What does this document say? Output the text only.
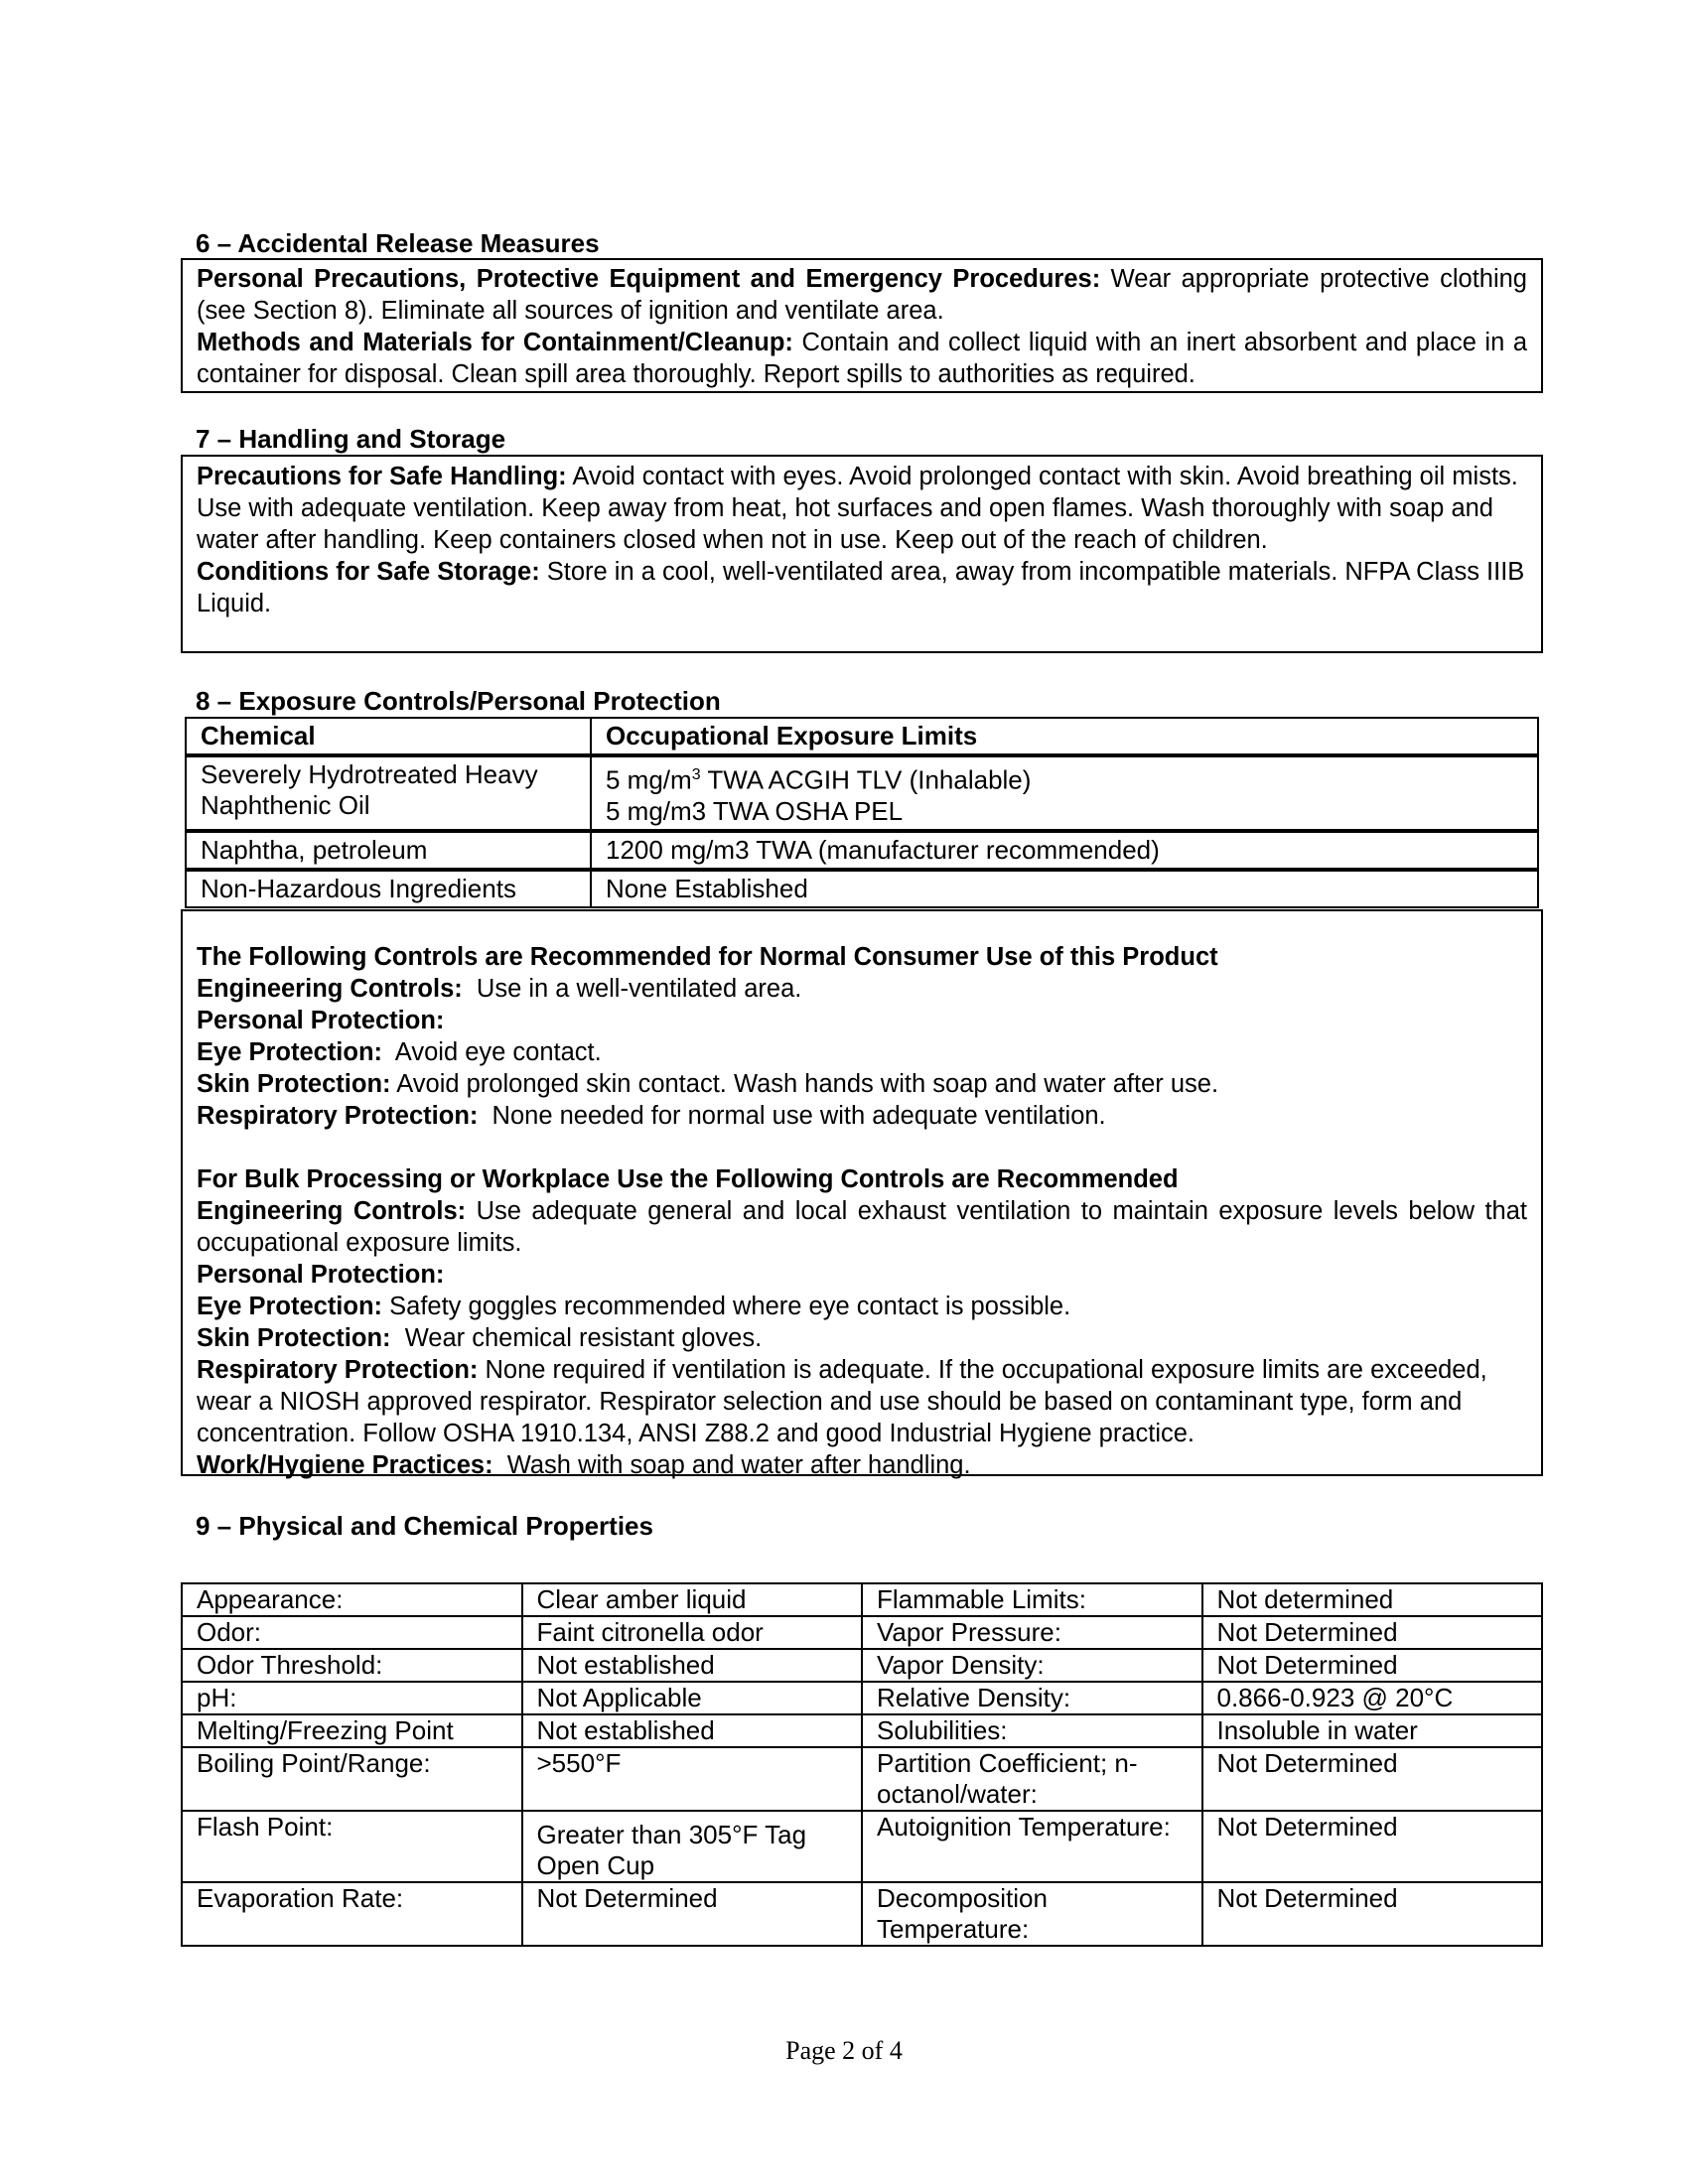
6 – Accidental Release Measures

Personal Precautions, Protective Equipment and Emergency Procedures: Wear appropriate protective clothing (see Section 8). Eliminate all sources of ignition and ventilate area.

Methods and Materials for Containment/Cleanup: Contain and collect liquid with an inert absorbent and place in a container for disposal. Clean spill area thoroughly. Report spills to authorities as required.

7 – Handling and Storage

Precautions for Safe Handling: Avoid contact with eyes. Avoid prolonged contact with skin. Avoid breathing oil mists. Use with adequate ventilation. Keep away from heat, hot surfaces and open flames. Wash thoroughly with soap and water after handling. Keep containers closed when not in use. Keep out of the reach of children.

Conditions for Safe Storage: Store in a cool, well-ventilated area, away from incompatible materials. NFPA Class IIIB Liquid.

8 – Exposure Controls/Personal Protection
Chemical	Occupational Exposure Limits
Severely Hydrotreated Heavy Naphthenic Oil	5 $mg/m^3$ TWA ACGIH TLV (Inhalable)
5 mg/m3 TWA OSHA PEL

Naphtha, petroleum	1200 mg/m3 TWA (manufacturer recommended)
Non-Hazardous Ingredients	None Established

The Following Controls are Recommended for Normal Consumer Use of this Product

Engineering Controls:  Use in a well-ventilated area.

Personal Protection:

Eye Protection:  Avoid eye contact.

Skin Protection: Avoid prolonged skin contact. Wash hands with soap and water after use.

Respiratory Protection:  None needed for normal use with adequate ventilation.

For Bulk Processing or Workplace Use the Following Controls are Recommended

Engineering Controls: Use adequate general and local exhaust ventilation to maintain exposure levels below that occupational exposure limits.

Personal Protection:

Eye Protection: Safety goggles recommended where eye contact is possible.

Skin Protection:  Wear chemical resistant gloves.

Respiratory Protection: None required if ventilation is adequate. If the occupational exposure limits are exceeded, wear a NIOSH approved respirator. Respirator selection and use should be based on contaminant type, form and concentration. Follow OSHA 1910.134, ANSI Z88.2 and good Industrial Hygiene practice.

Work/Hygiene Practices:  Wash with soap and water after handling.

9 – Physical and Chemical Properties
Appearance:	Clear amber liquid	Flammable Limits:	Not determined
Odor:	Faint citronella odor	Vapor Pressure:	Not Determined
Odor Threshold:	Not established	Vapor Density:	Not Determined
pH:	Not Applicable	Relative Density:	0.866-0.923 @ 20°C
Melting/Freezing Point	Not established	Solubilities:	Insoluble in water
Boiling Point/Range:	>550°F	Partition Coefficient; n-octanol/water:	Not Determined
Flash Point:	Greater than 305°F Tag Open Cup	Autoignition Temperature:	Not Determined
Evaporation Rate:	Not Determined	Decomposition Temperature:	Not Determined
Page 2 of 4
